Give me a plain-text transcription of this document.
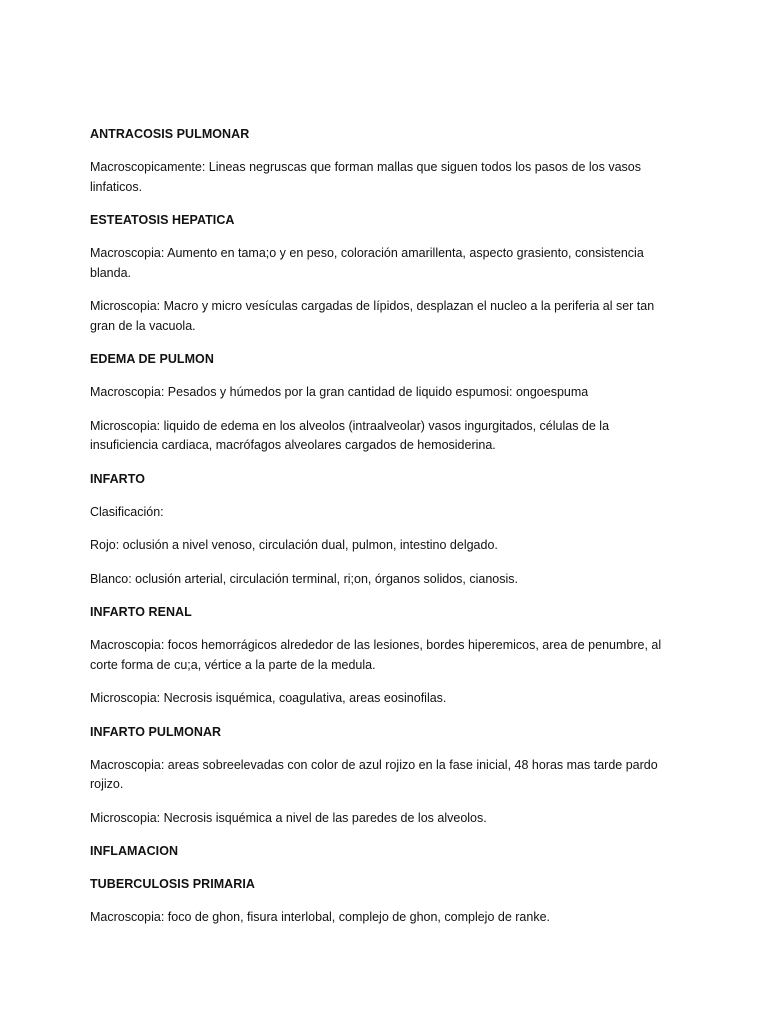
ANTRACOSIS PULMONAR
Macroscopicamente: Lineas negruscas que forman mallas que siguen todos los pasos de los vasos linfaticos.
ESTEATOSIS HEPATICA
Macroscopia: Aumento en tama;o y en peso, coloración amarillenta, aspecto grasiento, consistencia blanda.
Microscopia: Macro y micro vesículas cargadas de lípidos, desplazan el nucleo a la periferia al ser tan gran de la vacuola.
EDEMA DE PULMON
Macroscopia: Pesados y húmedos por la gran cantidad de liquido espumosi: ongoespuma
Microscopia: liquido de edema en los alveolos (intraalveolar) vasos ingurgitados, células de la insuficiencia cardiaca, macrófagos alveolares cargados de hemosiderina.
INFARTO
Clasificación:
Rojo: oclusión a nivel venoso, circulación dual, pulmon, intestino delgado.
Blanco: oclusión arterial, circulación terminal, ri;on, órganos solidos, cianosis.
INFARTO RENAL
Macroscopia: focos hemorrágicos alrededor de las lesiones, bordes hiperemicos, area de penumbre, al corte forma de cu;a, vértice a la parte de la medula.
Microscopia: Necrosis isquémica, coagulativa, areas eosinofilas.
INFARTO PULMONAR
Macroscopia: areas sobreelevadas con color de azul rojizo en la fase inicial, 48 horas mas tarde pardo rojizo.
Microscopia: Necrosis isquémica a nivel de las paredes de los alveolos.
INFLAMACION
TUBERCULOSIS PRIMARIA
Macroscopia: foco de ghon, fisura interlobal, complejo de ghon, complejo de ranke.
